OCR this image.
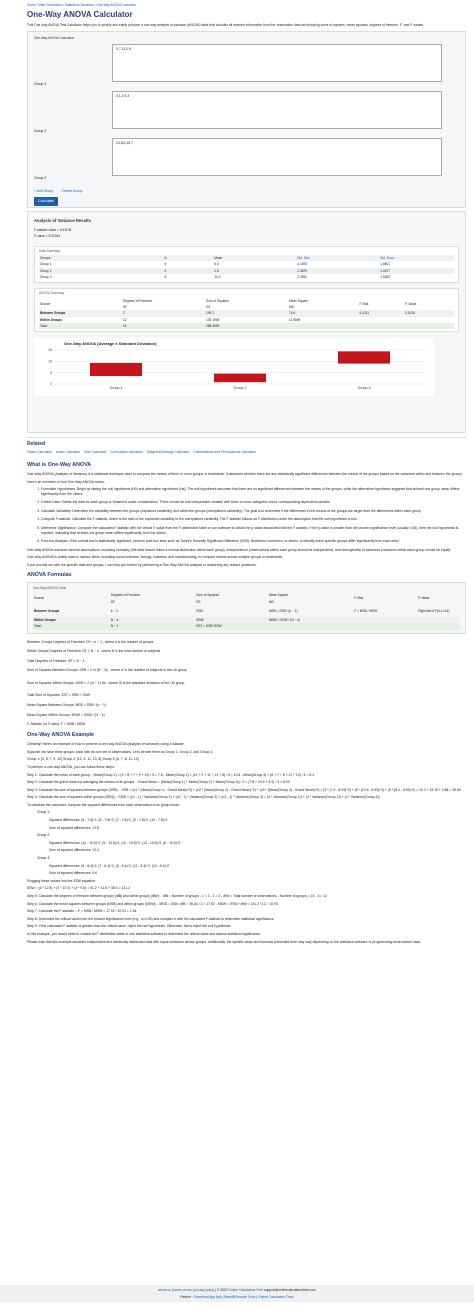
Home / Math Calculators / Statistical Calculator / One-Way ANOVA Calculator
One-Way ANOVA Calculator

This One-way ANOVA Test Calculator helps you to quickly and easily produce a one-way analysis of variance (ANOVA) table that includes all relevant information from the observation data set including sums of squares, mean squares, degrees of freedom, F- and P-values.

One-Way ANOVA Calculator
Group 1
5,7,11,2,5
Group 2
0,1,4,9,3
Group 3
13,8,8,15,7
+ Add Group - Delete Group
Calculate
Analysis of Variance Results
F-statistic value = 6.43106
P-value = 0.01264
Data Summary
Groups	N	Mean	Std. Dev.	Std. Error
Group 1	5	5.4	4.1593	1.8601
Group 2	5	2.8	2.3875	1.0677
Group 3	5	10.4	3.4351	1.5362
ANOVA Summary
Source	Degrees of Freedom	Sum of Squares	Mean Square	F-Stat	P-Value
	DF	SS	MS		
Between Groups	2	149.2	74.6	6.4311	0.0126
Within Groups	12	139.1994	11.5599		
Total:	14	288.3994			
One-Way ANOVA [Average ± Standard Deviation]
0
5
10
15
Group 1	Group 2	Group 3
Related
Factor Calculator Antan Calculator Sine Calculator Convolution calculator Weighted Average Calculator Combinations and Permutations Calculator
What is One-Way ANOVA

One-Way ANOVA (Analysis of Variance) is a statistical technique used to compare the means of three or more groups or treatments. It assesses whether there are any statistically significant differences between the means of the groups based on the variances within and between the groups.

Here's an overview of how One-Way ANOVA works:

1. Formulate Hypotheses: Begin by stating the null hypothesis (H0) and alternative hypothesis (Ha). The null hypothesis assumes that there are no significant differences between the means of the groups, while the alternative hypothesis suggests that at least one group mean differs significantly from the others.
2. Collect Data: Gather the data for each group or treatment under consideration. There should be one independent variable with three or more categories and a corresponding dependent variable.
3. Calculate Variability: Determine the variability between the groups (explained variability) and within the groups (unexplained variability). The goal is to determine if the differences in the means of the groups are larger than the differences within each group.
4. Compute F-statistic: Calculate the F-statistic, which is the ratio of the explained variability to the unexplained variability. The F-statistic follows an F-distribution under the assumption that the null hypothesis is true.
5. Determine Significance: Compare the calculated F-statistic with the critical F-value from the F-distribution table or use software to obtain the p-value associated with the F-statistic. If the p-value is smaller than the chosen significance level (usually 0.05), then the null hypothesis is rejected, indicating that at least one group mean differs significantly from the others.
6. Post-hoc Analysis: If the overall test is statistically significant, perform post-hoc tests such as Tukey's Honestly Significant Difference (HSD), Bonferroni correction, or others, to identify which specific groups differ significantly from each other.

One-Way ANOVA assumes several assumptions, including normality (the data should follow a normal distribution within each group), independence (observations within each group should be independent), and homogeneity of variances (variances within each group should be equal).

One-Way ANOVA is widely used in various fields, including social sciences, biology, business, and manufacturing, to compare means across multiple groups or treatments.

If you provide me with the specific data and groups, I can help you further by performing a One-Way ANOVA analysis or answering any related questions.

ANOVA Formulas
One-Way ANOVA Table
Source	Degrees of Freedom	Sum of Squares	Mean Square	F-Stat	P-Value
	DF	SS	MS		
Between Groups	k − 1	SSB	MSB = SSB / (k − 1)	F = MSB / MSW	Right tail of F(k-1,N-k)
Within Groups	N − k	SSW	MSW = SSW / (N − k)		
Total:	N − 1	SST = SSB+SSW			
Between Groups Degrees of Freedom: DF = k − 1 , where k is the number of groups
Within Groups Degrees of Freedom: DF = N − k , where N is the total number of subjects
Total Degrees of Freedom: DF = N − 1
Sum of Squares Between Groups: SSB = Σ ni (x̄i − x̄)² , where ni is the number of subjects in the i-th group
Sum of Squares Within Groups: SSW = Σ (ni − 1) Si² , where Si is the standard deviation of the i-th group
Total Sum of Squares: SST = SSB + SSW
Mean Square Between Groups: MSB = SSB / (k − 1)
Mean Square Within Groups: MSW = SSW / (N − k)
F-Statistic (or F-ratio): F = MSB / MSW
One-Way ANOVA Example

Certainly! Here's an example of how to perform a one-way ANOVA (analysis of variance) using a dataset:

Suppose we have three groups, each with its own set of observations. Let's denote them as Group 1, Group 2, and Group 3.

Group 1: [5, 8, 7, 9, 10] Group 2: [12, 9, 11, 13, 8] Group 3: [6, 7, 8, 11, 10]

To perform a one-way ANOVA, you can follow these steps:

Step 1: Calculate the mean of each group: - Mean(Group 1) = (5 + 8 + 7 + 9 + 10) / 5 = 7.8 - Mean(Group 2) = (12 + 9 + 11 + 13 + 8) / 5 = 10.6 - Mean(Group 3) = (6 + 7 + 8 + 11 + 10) / 5 = 8.4

Step 2: Calculate the grand mean by averaging the means of all groups: - Grand Mean = (Mean(Group 1) + Mean(Group 2) + Mean(Group 3)) / 3 = (7.8 + 10.6 + 8.4) / 3 = 8.93

Step 3: Calculate the sum of squares between groups (SSB): - SSB = (n1 * (Mean(Group 1) - Grand Mean)^2) + (n2 * (Mean(Group 2) - Grand Mean)^2) + (n3 * (Mean(Group 3) - Grand Mean)^2) = (5 * (7.8 - 8.93)^2) + (5 * (10.6 - 8.93)^2) + (5 * (8.4 - 8.93)^2) = 19.2 + 15.76 + 0.88 = 35.84

Step 4: Calculate the sum of squares within groups (SSW): - SSW = (n1 - 1) * Variance(Group 1) + (n2 - 1) * Variance(Group 2) + (n3 - 1) * Variance(Group 3) = (4 * Variance(Group 1)) + (4 * Variance(Group 2)) + (4 * Variance(Group 3))

To calculate the variances, compute the squared differences from each observation to its group mean:

Group 1:

Squared differences: (5 - 7.8)^2, (8 - 7.8)^2, (7 - 7.8)^2, (9 - 7.8)^2, (10 - 7.8)^2

Sum of squared differences: 12.8

Group 2:

Squared differences: (12 - 10.6)^2, (9 - 10.6)^2, (11 - 10.6)^2, (13 - 10.6)^2, (8 - 10.6)^2

Sum of squared differences: 10.4

Group 3:

Squared differences: (6 - 8.4)^2, (7 - 8.4)^2, (8 - 8.4)^2, (11 - 8.4)^2, (10 - 8.4)^2

Sum of squared differences: 9.6

Plugging these values into the SSW equation:

SSW = (4 * 12.8) + (4 * 10.4) + (4 * 9.6) = 51.2 + 41.6 + 38.4 = 131.2

Step 5: Calculate the degrees of freedom between groups (dfB) and within groups (dfW): - dfB = Number of groups - 1 = 3 - 1 = 2 - dfW = Total number of observations - Number of groups = 15 - 3 = 12

Step 6: Calculate the mean squares between groups (MSB) and within groups (MSW): - MSB = SSB / dfB = 35.84 / 2 = 17.92 - MSW = SSW / dfW = 131.2 / 12 = 10.93

Step 7: Calculate the F-statistic: - F = MSB / MSW = 17.92 / 10.93 = 1.64

Step 8: Determine the critical value from the chosen significance level (e.g., α=0.05) and compare it with the calculated F-statistic to determine statistical significance.

Step 9: If the calculated F-statistic is greater than the critical value, reject the null hypothesis. Otherwise, fail to reject the null hypothesis.

In this example, you would need to consult an F-distribution table or use statistical software to determine the critical value and assess statistical significance.

Please note that this example assumes independent and identically distributed data with equal variances across groups. Additionally, the specific steps and formulas presented here may vary depending on the statistical software or programming environment used.

about us | terms of use | privacy policy | © 2023 Online Calculators Free support@onlinecalculatorsfree.com
Partner : Download App Apk | Base64Decode Tools | Online Calculators Tools
